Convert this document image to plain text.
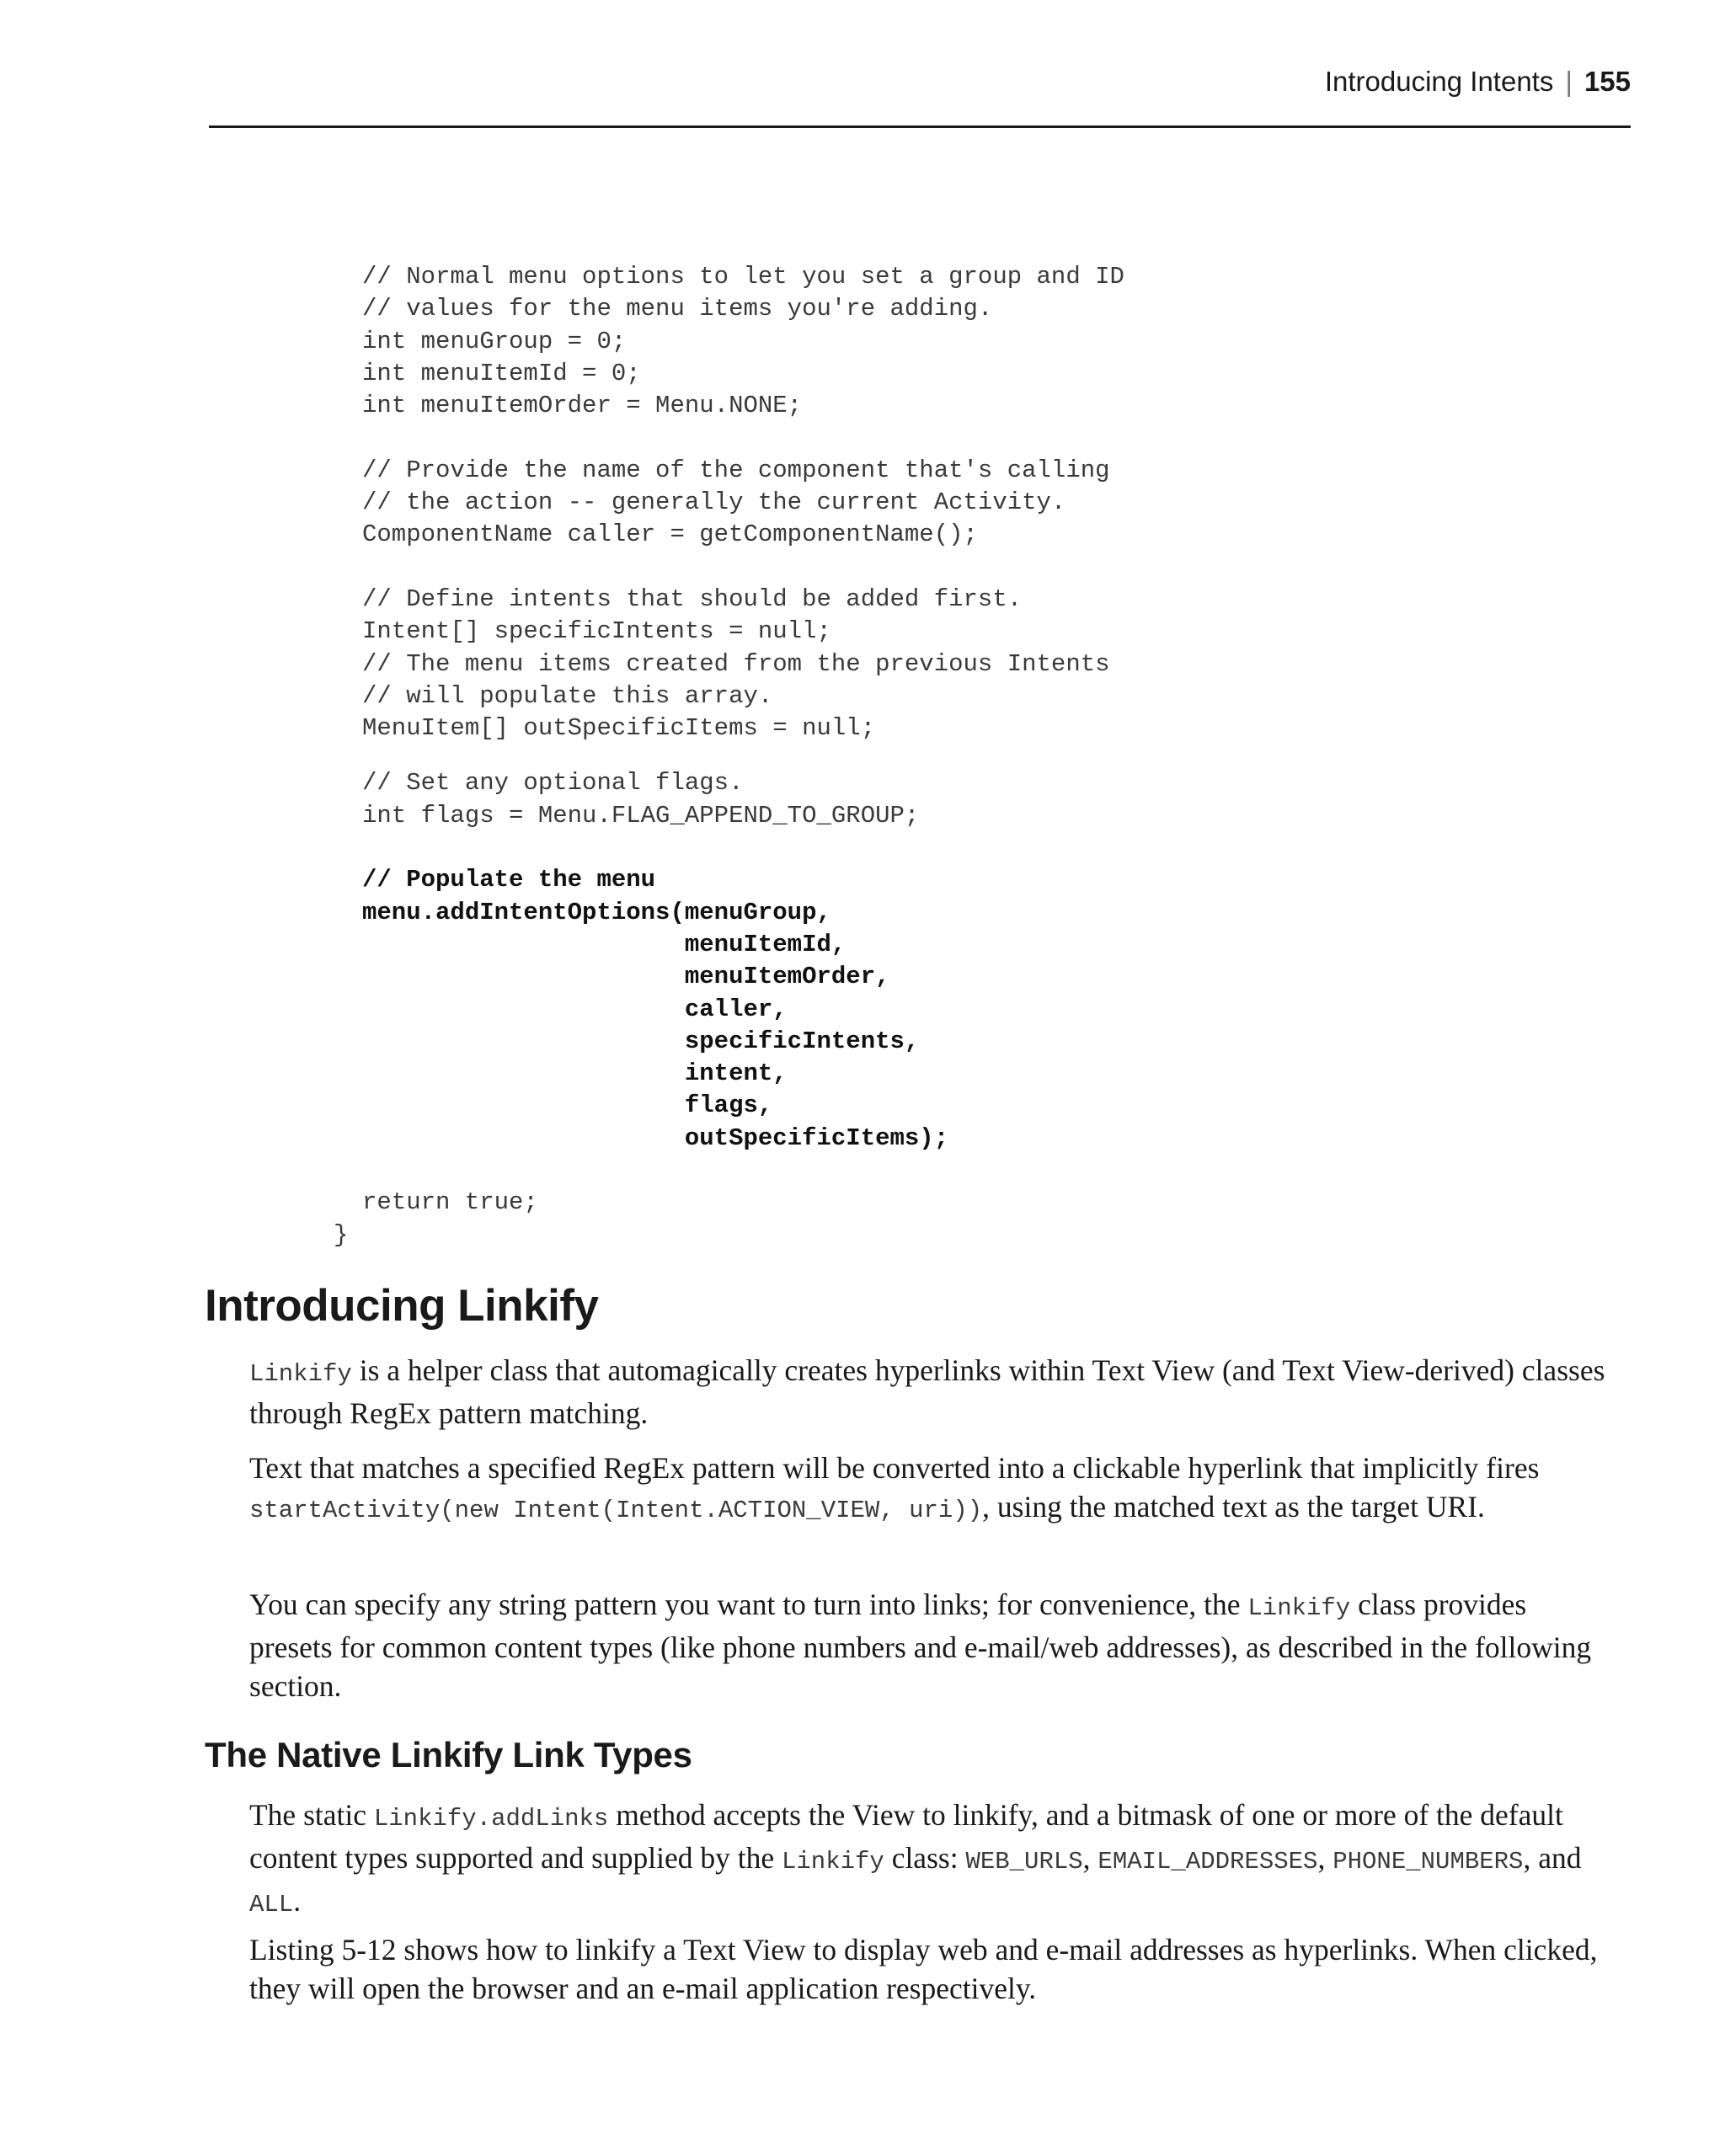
Introducing Intents | 155
// Normal menu options to let you set a group and ID
// values for the menu items you're adding.
int menuGroup = 0;
int menuItemId = 0;
int menuItemOrder = Menu.NONE;
// Provide the name of the component that's calling
// the action -- generally the current Activity.
ComponentName caller = getComponentName();
// Define intents that should be added first.
Intent[] specificIntents = null;
// The menu items created from the previous Intents
// will populate this array.
MenuItem[] outSpecificItems = null;
// Set any optional flags.
int flags = Menu.FLAG_APPEND_TO_GROUP;
// Populate the menu
menu.addIntentOptions(menuGroup,
menuItemId,
menuItemOrder,
caller,
specificIntents,
intent,
flags,
outSpecificItems);
return true;
}
Introducing Linkify

Linkify is a helper class that automagically creates hyperlinks within Text View (and Text View-derived) classes through RegEx pattern matching.

Text that matches a specified RegEx pattern will be converted into a clickable hyperlink that implicitly fires startActivity(new Intent(Intent.ACTION_VIEW, uri)), using the matched text as the target URI.

You can specify any string pattern you want to turn into links; for convenience, the Linkify class provides presets for common content types (like phone numbers and e-mail/web addresses), as described in the following section.

The Native Linkify Link Types

The static Linkify.addLinks method accepts the View to linkify, and a bitmask of one or more of the default content types supported and supplied by the Linkify class: WEB_URLS, EMAIL_ADDRESSES, PHONE_NUMBERS, and ALL.

Listing 5-12 shows how to linkify a Text View to display web and e-mail addresses as hyperlinks. When clicked, they will open the browser and an e-mail application respectively.
